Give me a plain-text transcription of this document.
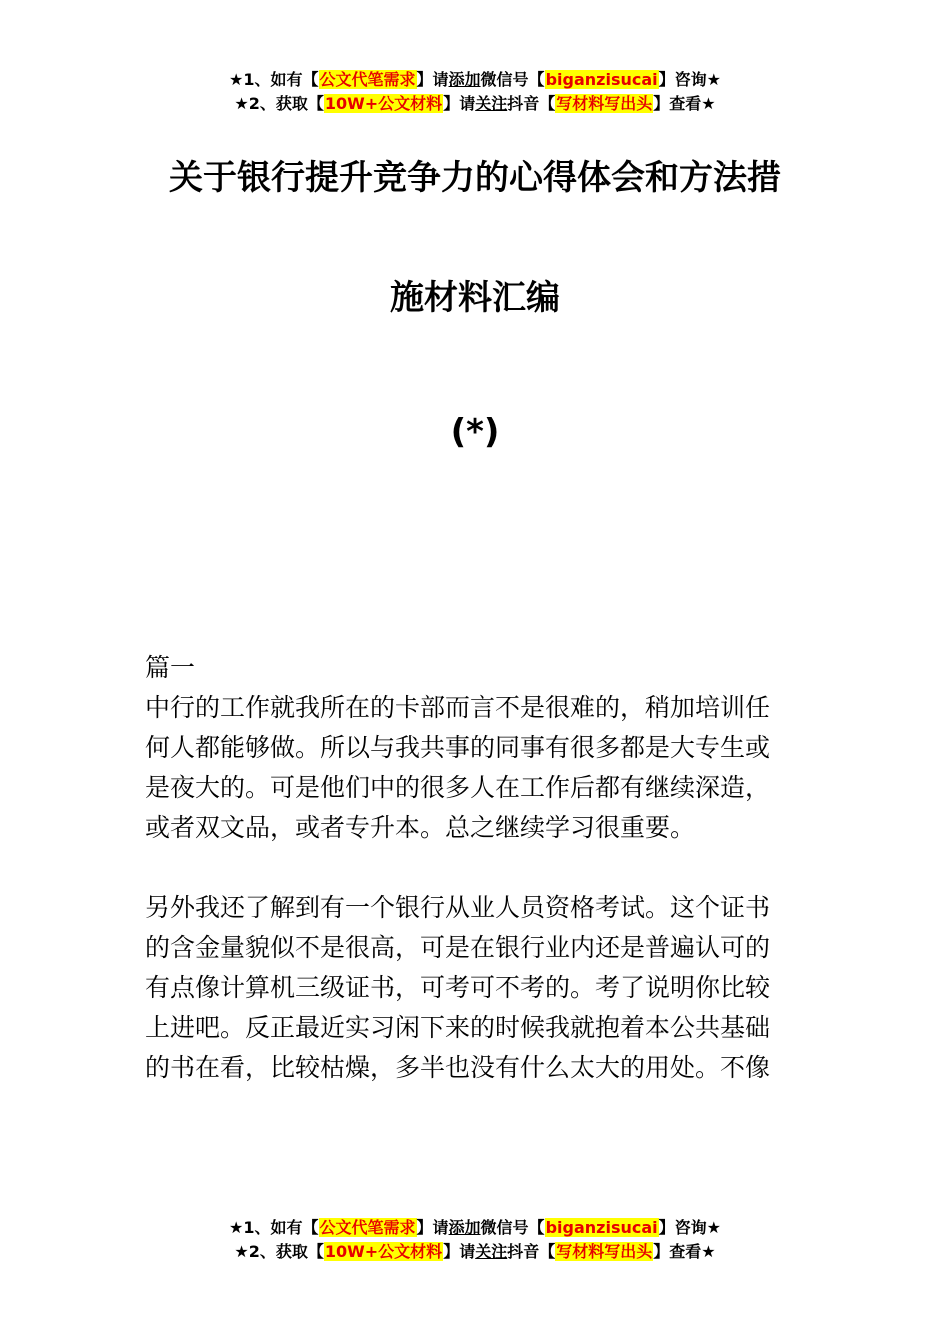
★1、如有【公文代笔需求】请添加微信号【biganzisucai】咨询★
★2、获取【10W+公文材料】请关注抖音【写材料写出头】查看★
关于银行提升竞争力的心得体会和方法措
施材料汇编
(*)

篇一

中行的工作就我所在的卡部而言不是很难的，稍加培训任

何人都能够做。所以与我共事的同事有很多都是大专生或

是夜大的。可是他们中的很多人在工作后都有继续深造，

或者双文品，或者专升本。总之继续学习很重要。

另外我还了解到有一个银行从业人员资格考试。这个证书

的含金量貌似不是很高，可是在银行业内还是普遍认可的

有点像计算机三级证书，可考可不考的。考了说明你比较

上进吧。反正最近实习闲下来的时候我就抱着本公共基础

的书在看，比较枯燥，多半也没有什么太大的用处。不像

★1、如有【公文代笔需求】请添加微信号【biganzisucai】咨询★
★2、获取【10W+公文材料】请关注抖音【写材料写出头】查看★
